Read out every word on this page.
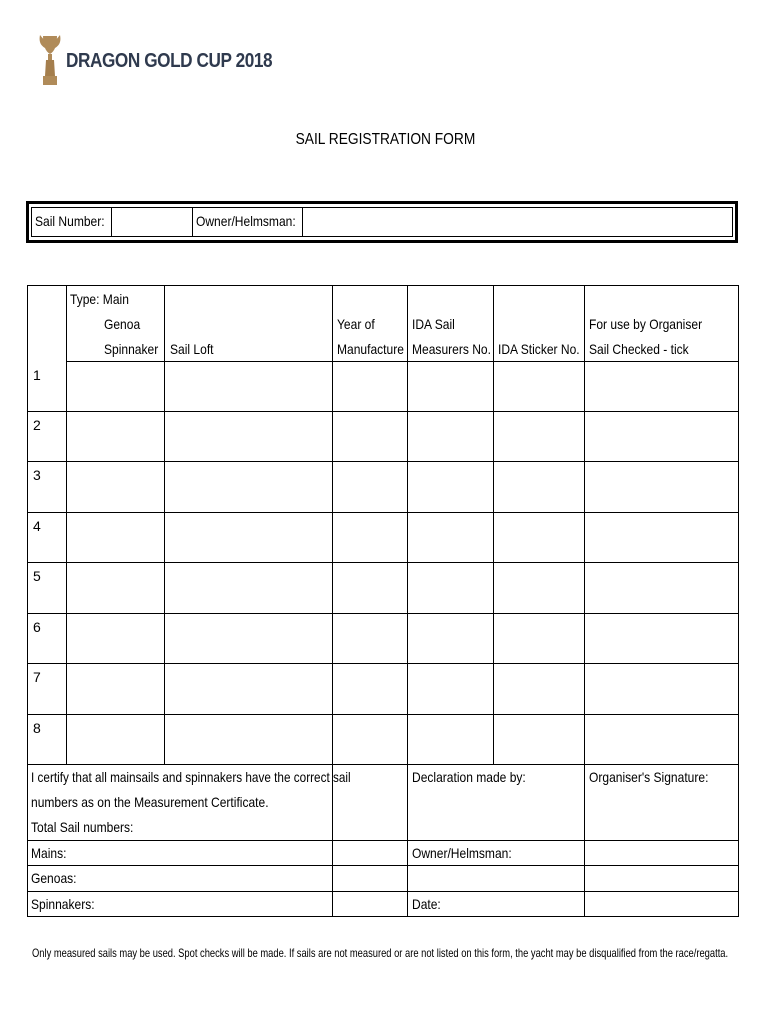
DRAGON GOLD CUP 2018
SAIL REGISTRATION FORM
Sail Number:	Owner/Helmsman:
Type: Main
Genoa
Spinnaker Sail Loft
Year of
Manufacture
IDA Sail
Measurers No. IDA Sticker No.
For use by Organiser
Sail Checked - tick
1
2
3
4
5
6
7
8
I certify that all mainsails and spinnakers have the correct sail
numbers as on the Measurement Certificate.
Total Sail numbers:
Mains:
Genoas:
Spinnakers:
Declaration made by:
Owner/Helmsman:
Date:
Organiser's Signature:
Only measured sails may be used. Spot checks will be made. If sails are not measured or are not listed on this form, the yacht may be disqualified from the race/regatta.
